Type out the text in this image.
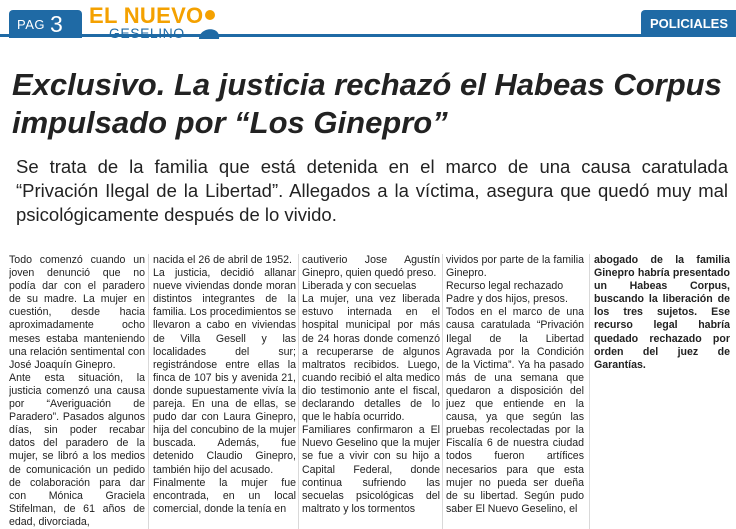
PAG 3 EL NUEVO
GESELINO
POLICIALES
Exclusivo. La justicia rechazó el Habeas Corpus impulsado por “Los Ginepro”

Se trata de la familia que está detenida en el marco de una causa caratulada “Privación Ilegal de la Libertad”. Allegados a la víctima, asegura que quedó muy mal psicológicamente después de lo vivido.

Todo comenzó cuando un joven denunció que no podía dar con el paradero de su madre. La mujer en cuestión, desde hacia aproximadamente ocho meses estaba manteniendo una relación sentimental con José Joaquín Ginepro.

Ante esta situación, la justicia comenzó una causa por “Averiguación de Paradero”. Pasados algunos días, sin poder recabar datos del paradero de la mujer, se libró a los medios de comunicación un pedido de colaboración para dar con Mónica Graciela Stifelman, de 61 años de edad, divorciada,

nacida el 26 de abril de 1952.

La justicia, decidió allanar nueve viviendas donde moran distintos integrantes de la familia. Los procedimientos se llevaron a cabo en viviendas de Villa Gesell y las localidades del sur; registrándose entre ellas la finca de 107 bis y avenida 21, donde supuestamente vivía la pareja. En una de ellas, se pudo dar con Laura Ginepro, hija del concubino de la mujer buscada. Además, fue detenido Claudio Ginepro, también hijo del acusado.

Finalmente la mujer fue encontrada, en un local comercial, donde la tenía en

cautiverio Jose Agustín Ginepro, quien quedó preso.

Liberada y con secuelas

La mujer, una vez liberada estuvo internada en el hospital municipal por más de 24 horas donde comenzó a recuperarse de algunos maltratos recibidos. Luego, cuando recibió el alta medico dio testimonio ante el fiscal, declarando detalles de lo que le había ocurrido.

Familiares confirmaron a El Nuevo Geselino que la mujer se fue a vivir con su hijo a Capital Federal, donde continua sufriendo las secuelas psicológicas del maltrato y los tormentos

vividos por parte de la familia Ginepro.

Recurso legal rechazado

Padre y dos hijos, presos.

Todos en el marco de una causa caratulada “Privación Ilegal de la Libertad Agravada por la Condición de la Victima”. Ya ha pasado más de una semana que quedaron a disposición del juez que entiende en la causa, ya que según las pruebas recolectadas por la Fiscalía 6 de nuestra ciudad todos fueron artífices necesarios para que esta mujer no pueda ser dueña de su libertad. Según pudo saber El Nuevo Geselino, el

abogado de la familia Ginepro habría presentado un Habeas Corpus, buscando la liberación de los tres sujetos. Ese recurso legal habría quedado rechazado por orden del juez de Garantías.
